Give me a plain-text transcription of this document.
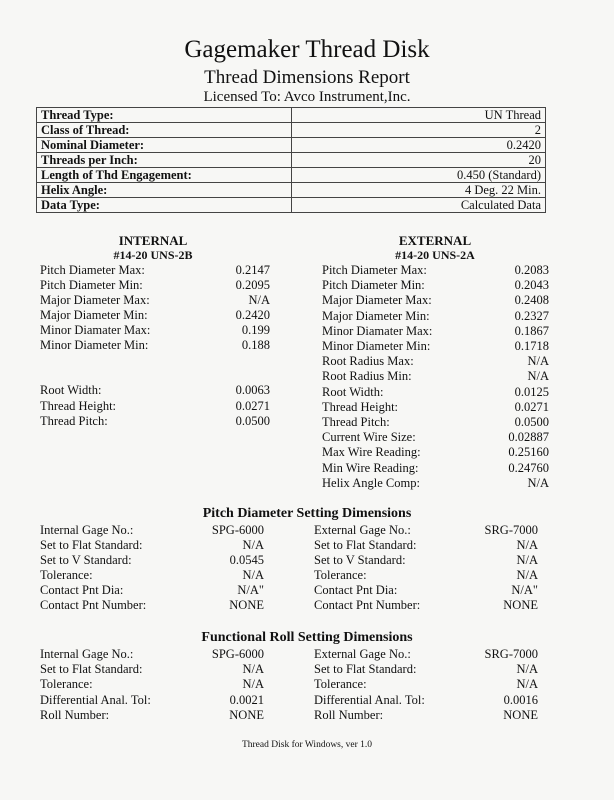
Gagemaker Thread Disk
Thread Dimensions Report
Licensed To: Avco Instrument,Inc.
Thread Type:	UN Thread
Class of Thread:	2
Nominal Diameter:	0.2420
Threads per Inch:	20
Length of Thd Engagement:	0.450 (Standard)
Helix Angle:	4 Deg. 22 Min.
Data Type:	Calculated Data
INTERNAL
#14-20 UNS-2B
EXTERNAL
#14-20 UNS-2A
Pitch Diameter Max:	0.2147
Pitch Diameter Min:	0.2095
Major Diameter Max:	N/A
Major Diameter Min:	0.2420
Minor Diamater Max:	0.199
Minor Diameter Min:	0.188
Root Width:	0.0063
Thread Height:	0.0271
Thread Pitch:	0.0500
Pitch Diameter Max:	0.2083
Pitch Diameter Min:	0.2043
Major Diameter Max:	0.2408
Major Diameter Min:	0.2327
Minor Diamater Max:	0.1867
Minor Diameter Min:	0.1718
Root Radius Max:	N/A
Root Radius Min:	N/A
Root Width:	0.0125
Thread Height:	0.0271
Thread Pitch:	0.0500
Current Wire Size:	0.02887
Max Wire Reading:	0.25160
Min Wire Reading:	0.24760
Helix Angle Comp:	N/A
Pitch Diameter Setting Dimensions
Internal Gage No.:	SPG-6000
Set to Flat Standard:	N/A
Set to V Standard:	0.0545
Tolerance:	N/A
Contact Pnt Dia:	N/A"
Contact Pnt Number:	NONE
External Gage No.:	SRG-7000
Set to Flat Standard:	N/A
Set to V Standard:	N/A
Tolerance:	N/A
Contact Pnt Dia:	N/A"
Contact Pnt Number:	NONE
Functional Roll Setting Dimensions
Internal Gage No.:	SPG-6000
Set to Flat Standard:	N/A
Tolerance:	N/A
Differential Anal. Tol:	0.0021
Roll Number:	NONE
External Gage No.:	SRG-7000
Set to Flat Standard:	N/A
Tolerance:	N/A
Differential Anal. Tol:	0.0016
Roll Number:	NONE
Thread Disk for Windows, ver 1.0
